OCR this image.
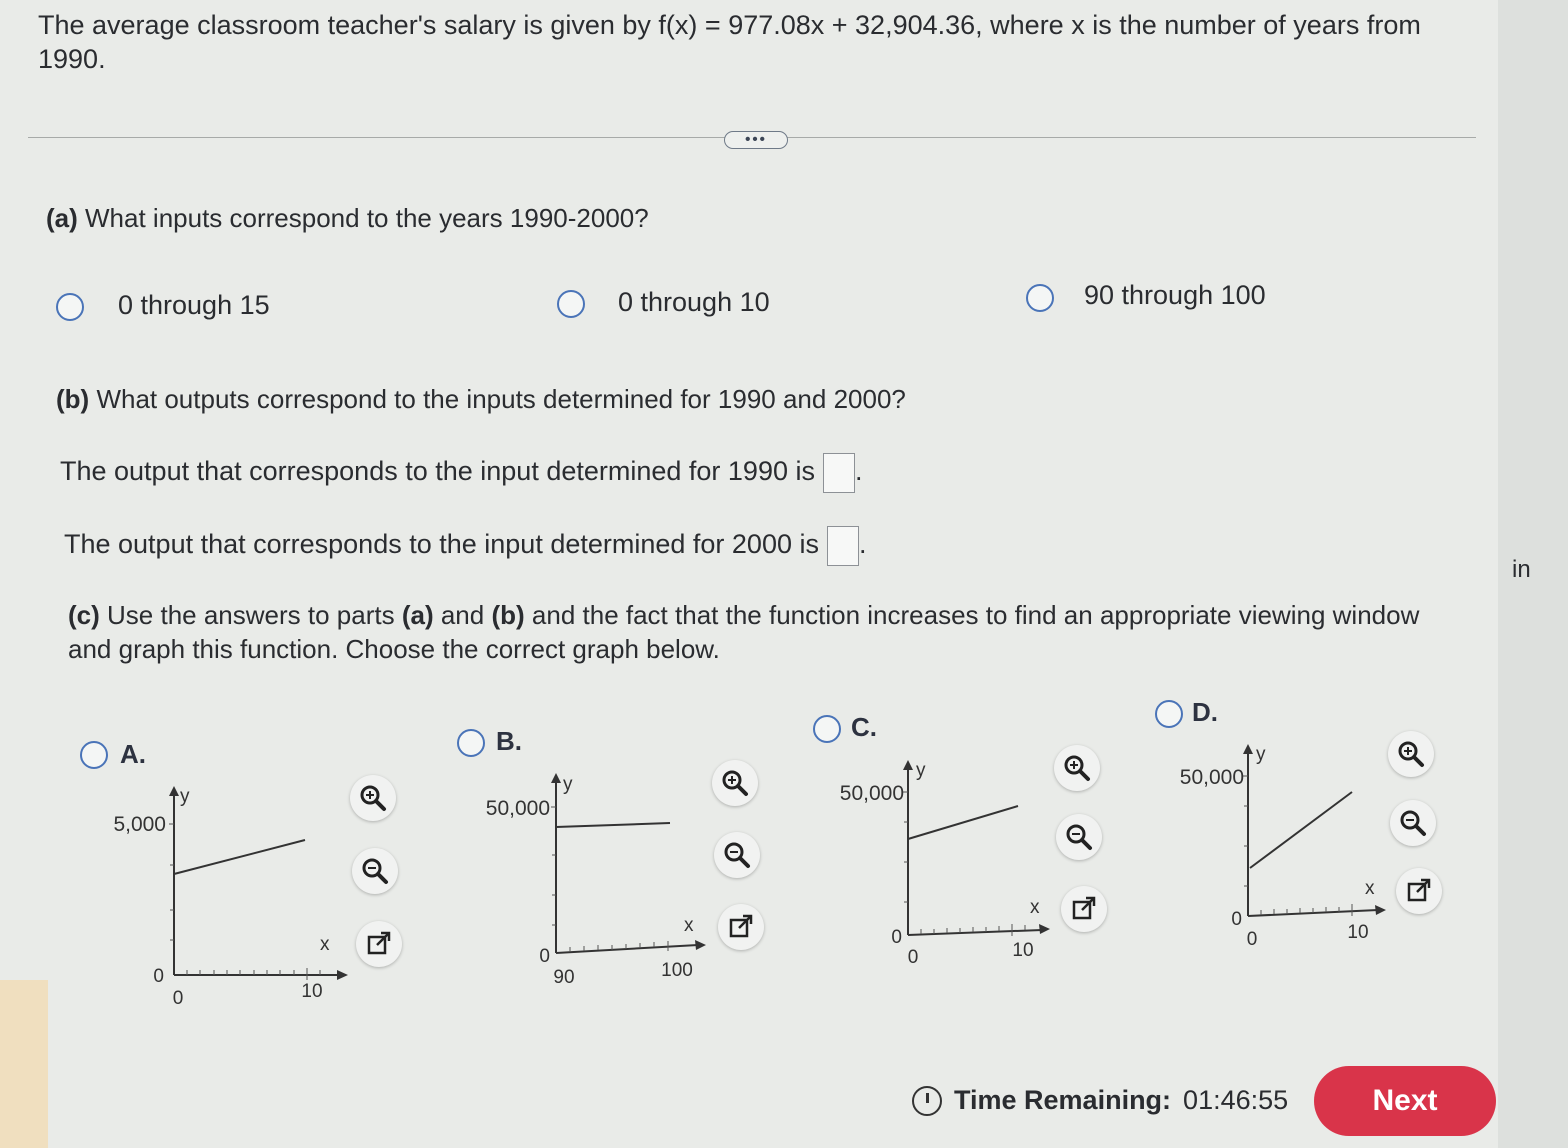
The average classroom teacher's salary is given by f(x) = 977.08x + 32,904.36, where x is the number of years from 1990.
•••
(a) What inputs correspond to the years 1990-2000?
0 through 15	0 through 10	90 through 100
(b) What outputs correspond to the inputs determined for 1990 and 2000?
The output that corresponds to the input determined for 1990 is .
The output that corresponds to the input determined for 2000 is .
(c) Use the answers to parts (a) and (b) and the fact that the function increases to find an appropriate viewing window and graph this function. Choose the correct graph below.
in
A.
5,000
y
x
0
0	10
B.
50,000
y
x
0
90	100
C.
50,000
y
x
0
0	10
D.
50,000
y
x
0
0	10
Time Remaining: 01:46:55	Next
